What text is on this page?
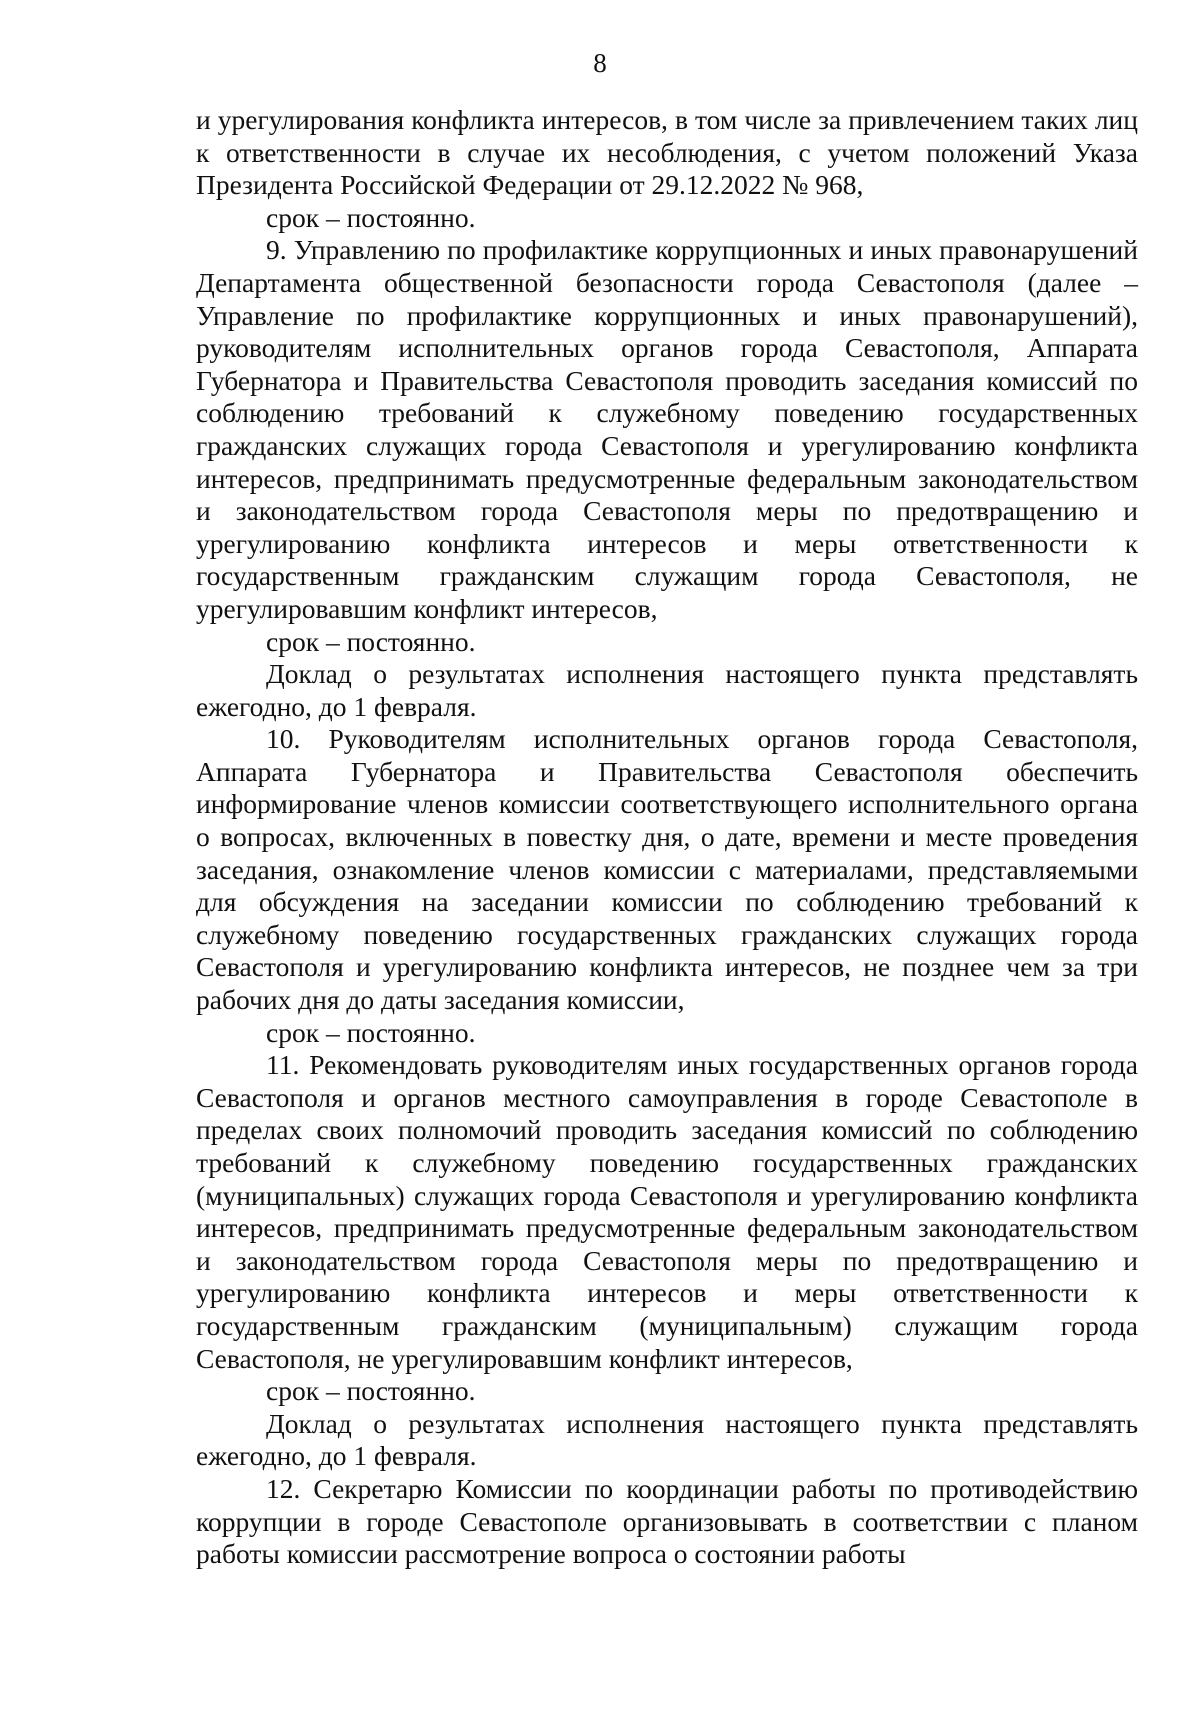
8

и урегулирования конфликта интересов, в том числе за привлечением таких лиц к ответственности в случае их несоблюдения, с учетом положений Указа Президента Российской Федерации от 29.12.2022 № 968,

срок – постоянно.

9. Управлению по профилактике коррупционных и иных правонарушений Департамента общественной безопасности города Севастополя (далее – Управление по профилактике коррупционных и иных правонарушений), руководителям исполнительных органов города Севастополя, Аппарата Губернатора и Правительства Севастополя проводить заседания комиссий по соблюдению требований к служебному поведению государственных гражданских служащих города Севастополя и урегулированию конфликта интересов, предпринимать предусмотренные федеральным законодательством и законодательством города Севастополя меры по предотвращению и урегулированию конфликта интересов и меры ответственности к государственным гражданским служащим города Севастополя, не урегулировавшим конфликт интересов,

срок – постоянно.

Доклад о результатах исполнения настоящего пункта представлять ежегодно, до 1 февраля.

10. Руководителям исполнительных органов города Севастополя, Аппарата Губернатора и Правительства Севастополя обеспечить информирование членов комиссии соответствующего исполнительного органа о вопросах, включенных в повестку дня, о дате, времени и месте проведения заседания, ознакомление членов комиссии с материалами, представляемыми для обсуждения на заседании комиссии по соблюдению требований к служебному поведению государственных гражданских служащих города Севастополя и урегулированию конфликта интересов, не позднее чем за три рабочих дня до даты заседания комиссии,

срок – постоянно.

11. Рекомендовать руководителям иных государственных органов города Севастополя и органов местного самоуправления в городе Севастополе в пределах своих полномочий проводить заседания комиссий по соблюдению требований к служебному поведению государственных гражданских (муниципальных) служащих города Севастополя и урегулированию конфликта интересов, предпринимать предусмотренные федеральным законодательством и законодательством города Севастополя меры по предотвращению и урегулированию конфликта интересов и меры ответственности к государственным гражданским (муниципальным) служащим города Севастополя, не урегулировавшим конфликт интересов,

срок – постоянно.

Доклад о результатах исполнения настоящего пункта представлять ежегодно, до 1 февраля.

12. Секретарю Комиссии по координации работы по противодействию коррупции в городе Севастополе организовывать в соответствии с планом работы комиссии рассмотрение вопроса о состоянии работы
